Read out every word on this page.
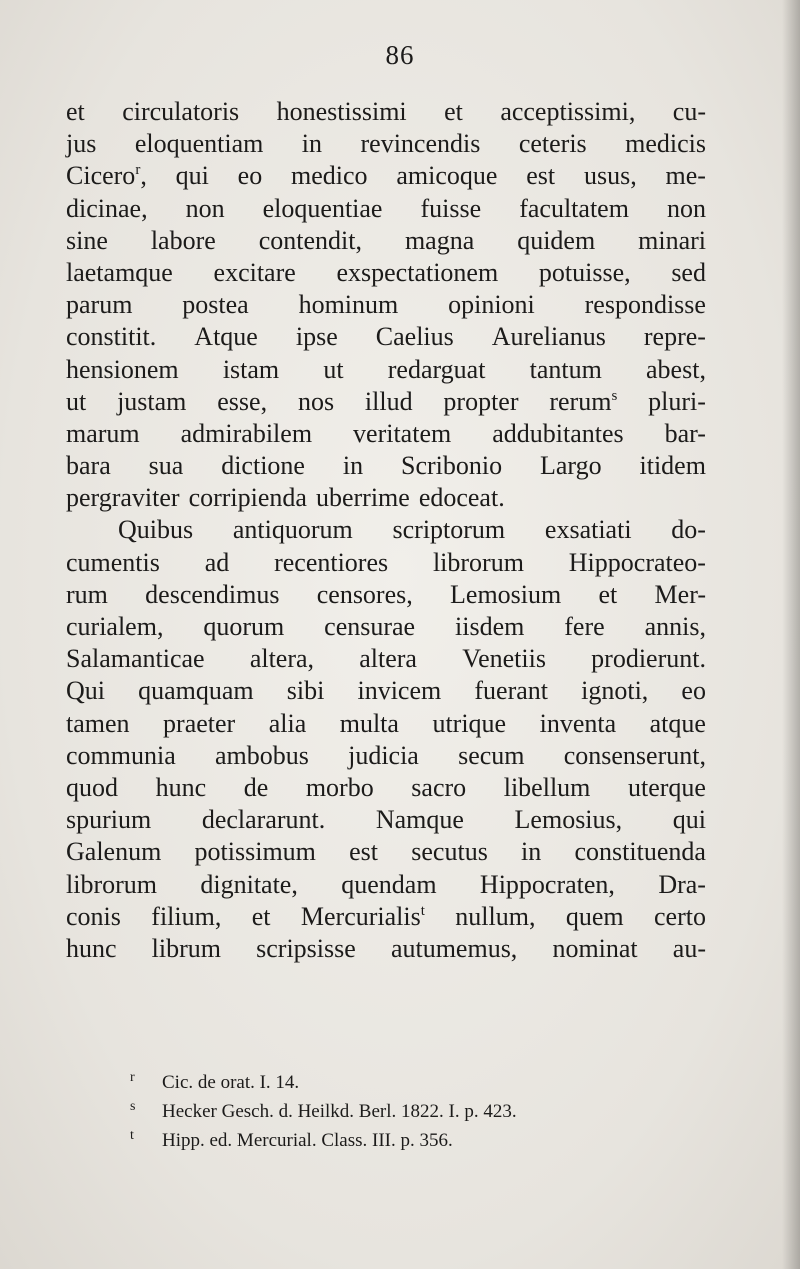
86
et circulatoris honestissimi et acceptissimi, cu-
jus eloquentiam in revincendis ceteris medicis
Cicero$^r$, qui eo medico amicoque est usus, me-
dicinae, non eloquentiae fuisse facultatem non
sine labore contendit, magna quidem minari
laetamque excitare exspectationem potuisse, sed
parum postea hominum opinioni respondisse
constitit. Atque ipse Caelius Aurelianus repre-
hensionem istam ut redarguat tantum abest,
ut justam esse, nos illud propter rerum$^s$ pluri-
marum admirabilem veritatem addubitantes bar-
bara sua dictione in Scribonio Largo itidem
pergraviter corripienda uberrime edoceat.
Quibus antiquorum scriptorum exsatiati do-
cumentis ad recentiores librorum Hippocrateo-
rum descendimus censores, Lemosium et Mer-
curialem, quorum censurae iisdem fere annis,
Salamanticae altera, altera Venetiis prodierunt.
Qui quamquam sibi invicem fuerant ignoti, eo
tamen praeter alia multa utrique inventa atque
communia ambobus judicia secum consenserunt,
quod hunc de morbo sacro libellum uterque
spurium declararunt. Namque Lemosius, qui
Galenum potissimum est secutus in constituenda
librorum dignitate, quendam Hippocraten, Dra-
conis filium, et Mercurialis$^t$ nullum, quem certo
hunc librum scripsisse autumemus, nominat au-
r	Cic. de orat. I. 14.
s	Hecker Gesch. d. Heilkd. Berl. 1822. I. p. 423.
t	Hipp. ed. Mercurial. Class. III. p. 356.
